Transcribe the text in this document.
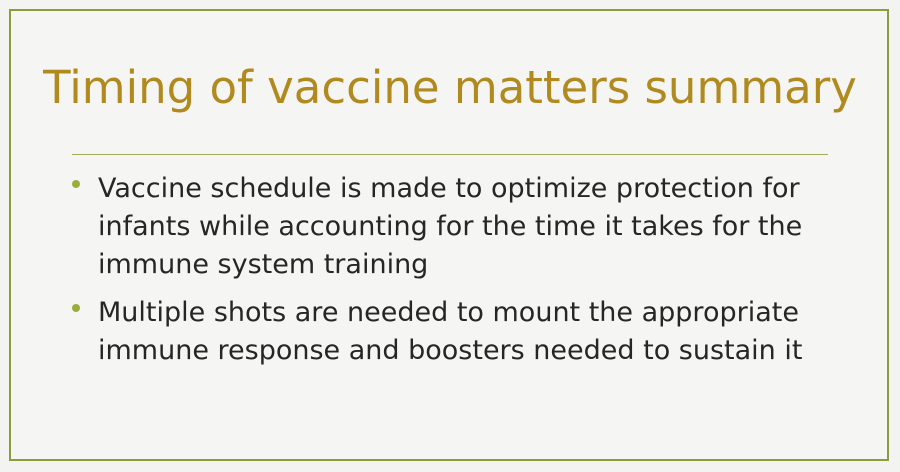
Timing of vaccine matters summary
Vaccine schedule is made to optimize protection for infants while accounting for the time it takes for the immune system training
Multiple shots are needed to mount the appropriate immune response and boosters needed to sustain it
